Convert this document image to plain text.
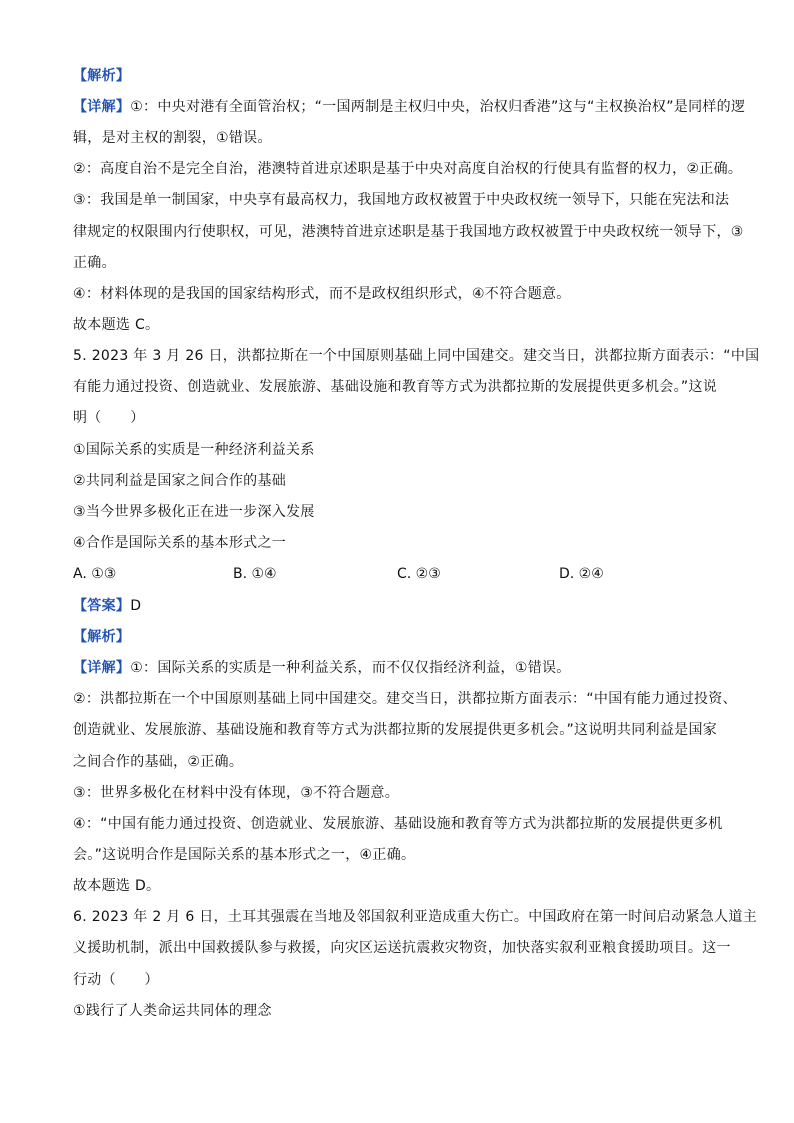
【解析】
【详解】①：中央对港有全面管治权；“一国两制是主权归中央，治权归香港”这与“主权换治权”是同样的逻
辑，是对主权的割裂，①错误。
②：高度自治不是完全自治，港澳特首进京述职是基于中央对高度自治权的行使具有监督的权力，②正确。
③：我国是单一制国家，中央享有最高权力，我国地方政权被置于中央政权统一领导下，只能在宪法和法
律规定的权限围内行使职权，可见，港澳特首进京述职是基于我国地方政权被置于中央政权统一领导下，③
正确。
④：材料体现的是我国的国家结构形式，而不是政权组织形式，④不符合题意。
故本题选 C。
5. 2023 年 3 月 26 日，洪都拉斯在一个中国原则基础上同中国建交。建交当日，洪都拉斯方面表示：“中国
有能力通过投资、创造就业、发展旅游、基础设施和教育等方式为洪都拉斯的发展提供更多机会。”这说
明（　　）
①国际关系的实质是一种经济利益关系
②共同利益是国家之间合作的基础
③当今世界多极化正在进一步深入发展
④合作是国际关系的基本形式之一
A. ①③	B. ①④	C. ②③	D. ②④
【答案】D
【解析】
【详解】①：国际关系的实质是一种利益关系，而不仅仅指经济利益，①错误。
②：洪都拉斯在一个中国原则基础上同中国建交。建交当日，洪都拉斯方面表示：“中国有能力通过投资、
创造就业、发展旅游、基础设施和教育等方式为洪都拉斯的发展提供更多机会。”这说明共同利益是国家
之间合作的基础，②正确。
③：世界多极化在材料中没有体现，③不符合题意。
④：“中国有能力通过投资、创造就业、发展旅游、基础设施和教育等方式为洪都拉斯的发展提供更多机
会。”这说明合作是国际关系的基本形式之一，④正确。
故本题选 D。
6. 2023 年 2 月 6 日，土耳其强震在当地及邻国叙利亚造成重大伤亡。中国政府在第一时间启动紧急人道主
义援助机制，派出中国救援队参与救援，向灾区运送抗震救灾物资，加快落实叙利亚粮食援助项目。这一
行动（　　）
①践行了人类命运共同体的理念
